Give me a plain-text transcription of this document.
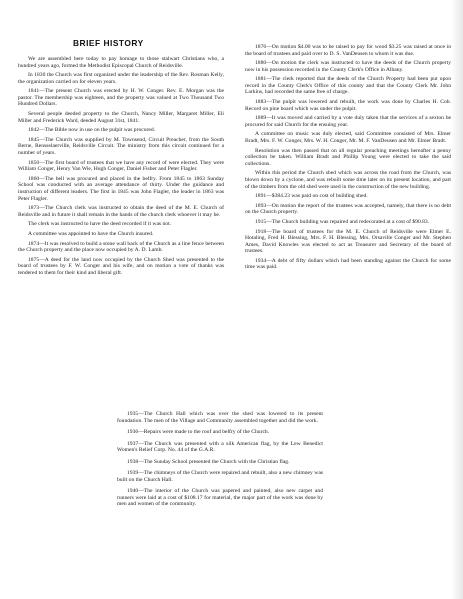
BRIEF HISTORY

We are assembled here today to pay homage to those stalwart Christians who, a hundred years ago, formed the Methodist Episcopal Church of Reidsville.

In 1830 the Church was first organized under the leadership of the Rev. Rosman Kelly, the organization carried on for eleven years.

1841—The present Church was erected by H. W. Conger. Rev. E. Morgan was the pastor. The membership was eighteen, and the property was valued at Two Thousand Two Hundred Dollars.

Several people deeded property to the Church, Nancy Miller, Margaret Miller, Eli Miller and Frederick Ward, deeded August 31st, 1841.

1842—The Bible now in use on the pulpit was procured.

1845—The Church was supplied by M. Townsend, Circuit Preacher, from the South Berne, Rensselaerville, Reidsville Circuit. The ministry from this circuit continued for a number of years.

1850—The first board of trustees that we have any record of were elected. They were William Conger, Henry Van Wie, Hugh Conger, Daniel Fisher and Peter Flagler.

1860—The bell was procured and placed in the belfry. From 1845 to 1863 Sunday School was conducted with an average attendance of thirty. Under the guidance and instruction of different leaders. The first in 1845 was John Flagler, the leader in 1863 was Peter Flagler.

1873—The Church clerk was instructed to obtain the deed of the M. E. Church of Reidsville and in future it shall remain in the hands of the church clerk whoever it may be.

The clerk was instructed to have the deed recorded if it was not.

A committee was appointed to have the Church insured.

1874—It was resolved to build a stone wall back of the Church as a line fence between the Church property and the place now occupied by A. D. Lamb.

1875—A deed for the land now occupied by the Church Shed was presented to the board of trustees by F. W. Conger and his wife, and on motion a vote of thanks was tendered to them for their kind and liberal gift.

1876—On motion $4.00 was to be raised to pay for wood $3.25 was raised at once in the board of trustees and paid over to D. S. VanDeusen to whom it was due.

1880—On motion the clerk was instructed to have the deeds of the Church property now in his possession recorded in the County Clerk's Office in Albany.

1881—The clerk reported that the deeds of the Church Property had been put upon record in the County Clerk's Office of this county and that the County Clerk Mr. John Larkins, had recorded the same free of charge.

1883—The pulpit was lowered and rebuilt, the work was done by Charles H. Cob. Record on pine board which was under the pulpit.

1889—It was moved and carried by a vote duly taken that the services of a sexton be procured for said Church for the ensuing year.

A committee on music was duly elected, said Committee consisted of Mrs. Elmer Bradt, Mrs. F. W. Conger, Mrs. W. H. Conger, Mr. M. F. VanDeusen and Mr. Elmer Bradt.

Resolution was then passed that on all regular preaching meetings hereafter a penny collection be taken. William Bradt and Phillip Young were elected to take the said collections.

Within this period the Church shed which was across the road from the Church, was blown down by a cyclone, and was rebuilt some time later on its present location, and part of the timbers from the old shed were used in the construction of the new building.

1891—$384.23 was paid on cost of building shed.

1893—On motion the report of the trustees was accepted, namely, that there is no debt on the Church property.

1915—The Church building was repaired and redecorated at a cost of $90.83.

1918—The board of trustees for the M. E. Church of Reidsville were Elmer E. Hotaling, Fred H. Blessing, Mrs. F. H. Blessing, Mrs. Orsaville Conger and Mr. Stephen Ames, David Knowles was elected to act as Treasurer and Secretary of the board of trustees.

1934—A debt of fifty dollars which had been standing against the Church for some time was paid.

1935—The Church Hall which was over the shed was lowered to its present foundation. The men of the Village and Community assembled together and did the work.

1936—Repairs were made to the roof and belfry of the Church.

1937—The Church was presented with a silk American flag, by the Lew Benedict Women's Relief Corp. No. 44 of the G.A.R.

1938—The Sunday School presented the Church with the Christian flag.

1939—The chimneys of the Church were repaired and rebuilt, also a new chimney was built on the Church Hall.

1940—The interior of the Church was papered and painted, also new carpet and runners were laid at a cost of $108.17 for material, the major part of the work was done by men and women of the community.
